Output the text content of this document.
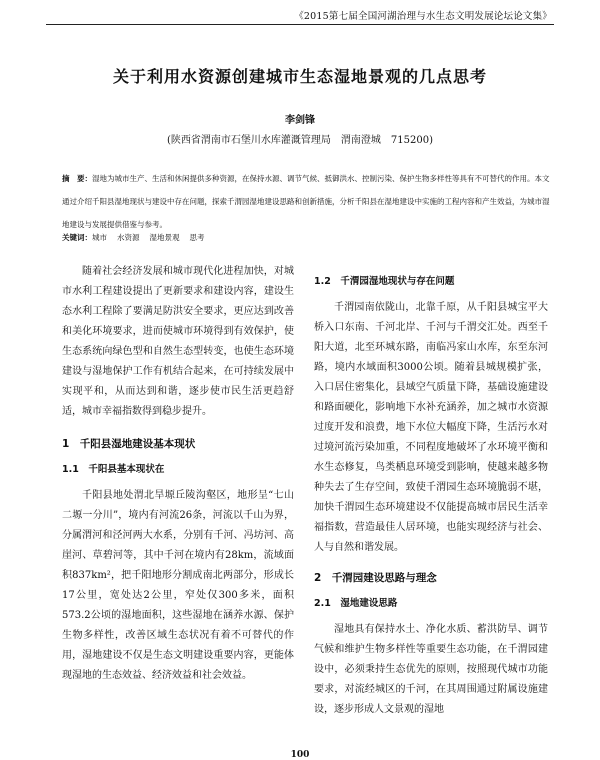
《2015第七届全国河湖治理与水生态文明发展论坛论文集》
关于利用水资源创建城市生态湿地景观的几点思考
李剑锋
(陕西省渭南市石堡川水库灌溉管理局　渭南澄城　715200)

摘　要：湿地为城市生产、生活和休闲提供多种资源，在保持水源、调节气候、抵御洪水、控制污染、保护生物多样性等具有不可替代的作用。本文通过介绍千阳县湿地现状与建设中存在问题，探索千渭园湿地建设思路和创新措施，分析千阳县在湿地建设中实施的工程内容和产生效益，为城市湿地建设与发展提供借鉴与参考。

关键词：城市 水资源 湿地景观 思考

随着社会经济发展和城市现代化进程加快，对城市水利工程建设提出了更新要求和建设内容，建设生态水利工程除了要满足防洪安全要求，更应达到改善和美化环境要求，进而使城市环境得到有效保护，使生态系统向绿色型和自然生态型转变，也使生态环境建设与湿地保护工作有机结合起来，在可持续发展中实现平和，从而达到和谐，逐步使市民生活更趋舒适，城市幸福指数得到稳步提升。

1　千阳县湿地建设基本现状
1.1　千阳县基本现状在

千阳县地处渭北旱塬丘陵沟壑区，地形呈“七山二塬一分川”，境内有河流26条，河流以千山为界，分属渭河和泾河两大水系，分别有千河、冯坊河、高崖河、草碧河等，其中千河在境内有28km，流域面积837km²，把千阳地形分割成南北两部分，形成长17公里，宽处达2公里，窄处仅300多米，面积573.2公顷的湿地面积，这些湿地在涵养水源、保护生物多样性，改善区域生态状况有着不可替代的作用，湿地建设不仅是生态文明建设重要内容，更能体现湿地的生态效益、经济效益和社会效益。

1.2　千渭园湿地现状与存在问题

千渭园南依陇山，北靠千原，从千阳县城宝平大桥入口东南、千河北岸、千河与千渭交汇处。西至千阳大道，北至环城东路，南临冯家山水库，东至东河路，境内水域面积3000公顷。随着县城规模扩张，入口居住密集化，县域空气质量下降，基础设施建设和路面硬化，影响地下水补充涵养，加之城市水资源过度开发和浪费，地下水位大幅度下降，生活污水对过境河流污染加重，不同程度地破坏了水环境平衡和水生态修复，鸟类栖息环境受到影响，使越来越多物种失去了生存空间，致使千渭园生态环境脆弱不堪，加快千渭园生态环境建设不仅能提高城市居民生活幸福指数，营造最佳人居环境，也能实现经济与社会、人与自然和谐发展。

2　千渭园建设思路与理念
2.1　湿地建设思路

湿地具有保持水土、净化水质、蓄洪防旱、调节气候和维护生物多样性等重要生态功能，在千渭园建设中，必须秉持生态优先的原则，按照现代城市功能要求，对流经城区的千河，在其周围通过附属设施建设，逐步形成人文景观的湿地

100
